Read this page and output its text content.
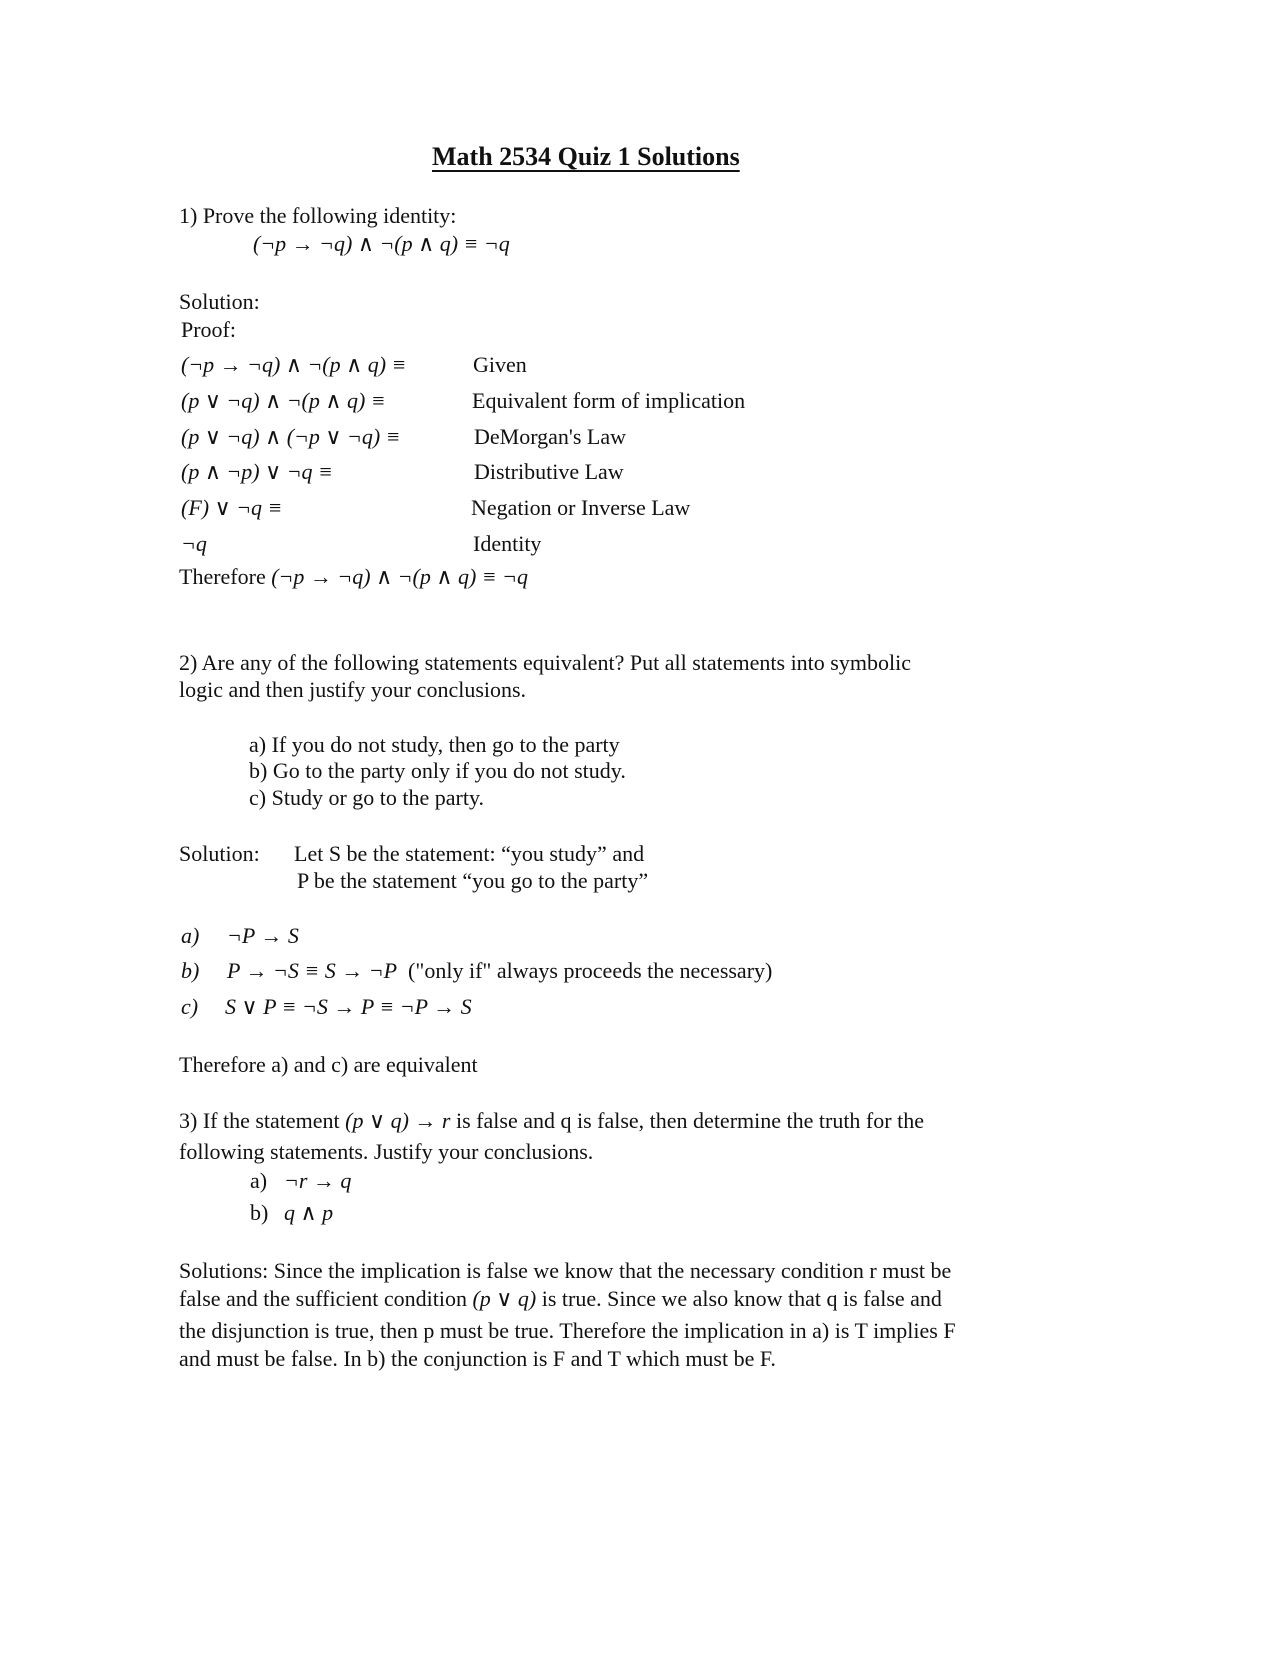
Math 2534 Quiz 1 Solutions
1) Prove the following identity:
(¬p → ¬q) ∧ ¬(p ∧ q) ≡ ¬q
Solution:
Proof:
(¬p → ¬q) ∧ ¬(p ∧ q) ≡	Given
(p ∨ ¬q) ∧ ¬(p ∧ q) ≡	Equivalent form of implication
(p ∨ ¬q) ∧ (¬p ∨ ¬q) ≡	DeMorgan's Law
(p ∧ ¬p) ∨ ¬q ≡	Distributive Law
(F) ∨ ¬q ≡	Negation or Inverse Law
¬q	Identity
Therefore (¬p → ¬q) ∧ ¬(p ∧ q) ≡ ¬q
2) Are any of the following statements equivalent? Put all statements into symbolic
logic and then justify your conclusions.
a) If you do not study, then go to the party
b) Go to the party only if you do not study.
c) Study or go to the party.
Solution: Let S be the statement: “you study” and
P be the statement “you go to the party”
a) ¬P → S
b) P → ¬S ≡ S → ¬P ("only if" always proceeds the necessary)
c) S ∨ P ≡ ¬S → P ≡ ¬P → S
Therefore a) and c) are equivalent
3) If the statement (p ∨ q) → r is false and q is false, then determine the truth for the
following statements. Justify your conclusions.
a) ¬r → q
b) q ∧ p
Solutions: Since the implication is false we know that the necessary condition r must be
false and the sufficient condition (p ∨ q) is true. Since we also know that q is false and
the disjunction is true, then p must be true. Therefore the implication in a) is T implies F
and must be false. In b) the conjunction is F and T which must be F.
